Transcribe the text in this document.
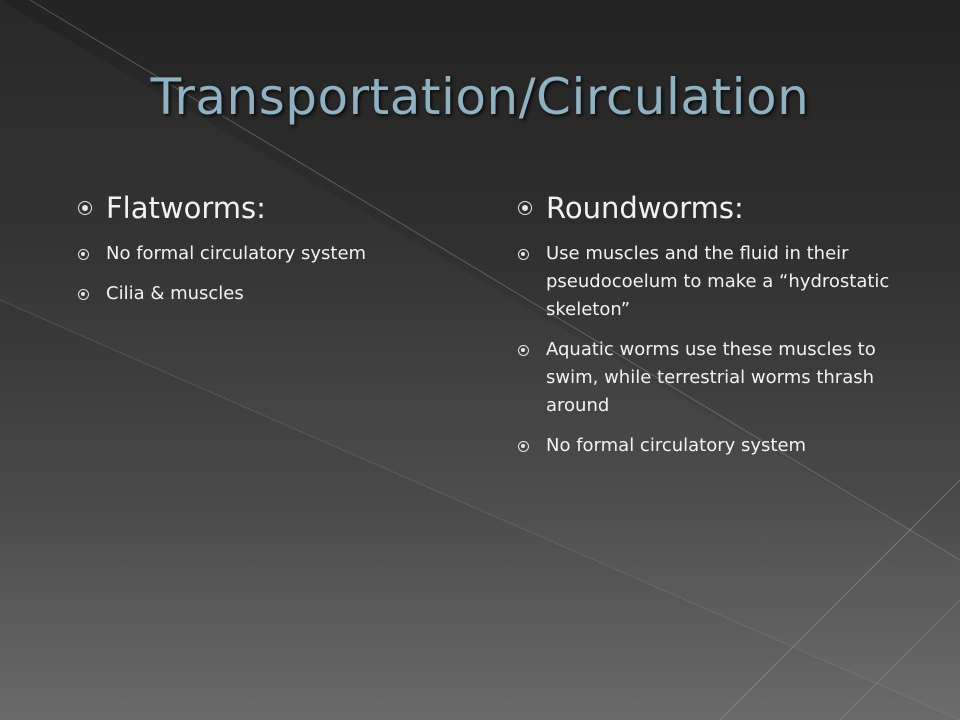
Transportation/Circulation
Flatworms:
No formal circulatory system
Cilia & muscles
Roundworms:
Use muscles and the fluid in their pseudocoelum to make a “hydrostatic skeleton”
Aquatic worms use these muscles to swim, while terrestrial worms thrash around
No formal circulatory system
